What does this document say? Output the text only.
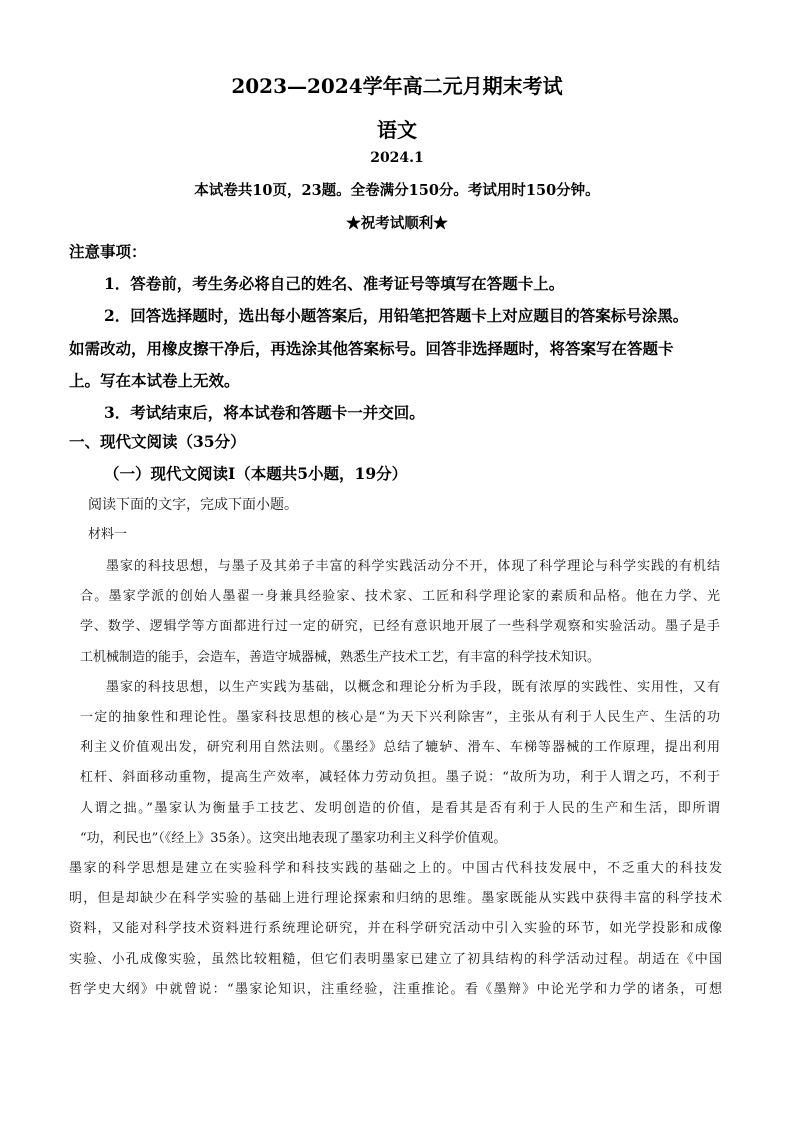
2023—2024学年高二元月期末考试
语文
2024.1
本试卷共10页，23题。全卷满分150分。考试用时150分钟。
★祝考试顺利★
注意事项：
1．答卷前，考生务必将自己的姓名、准考证号等填写在答题卡上。
2．回答选择题时，选出每小题答案后，用铅笔把答题卡上对应题目的答案标号涂黑。
如需改动，用橡皮擦干净后，再选涂其他答案标号。回答非选择题时，将答案写在答题卡
上。写在本试卷上无效。
3．考试结束后，将本试卷和答题卡一并交回。
一、现代文阅读（35分）
（一）现代文阅读Ⅰ（本题共5小题，19分）
阅读下面的文字，完成下面小题。
材料一
墨家的科技思想，与墨子及其弟子丰富的科学实践活动分不开，体现了科学理论与科学实践的有机结
合。墨家学派的创始人墨翟一身兼具经验家、技术家、工匠和科学理论家的素质和品格。他在力学、光
学、数学、逻辑学等方面都进行过一定的研究，已经有意识地开展了一些科学观察和实验活动。墨子是手
工机械制造的能手，会造车，善造守城器械，熟悉生产技术工艺，有丰富的科学技术知识。
墨家的科技思想，以生产实践为基础，以概念和理论分析为手段，既有浓厚的实践性、实用性，又有
一定的抽象性和理论性。墨家科技思想的核心是“为天下兴利除害”，主张从有利于人民生产、生活的功
利主义价值观出发，研究利用自然法则。《墨经》总结了辘轳、滑车、车梯等器械的工作原理，提出利用
杠杆、斜面移动重物，提高生产效率，减轻体力劳动负担。墨子说：“故所为功，利于人谓之巧，不利于
人谓之拙。”墨家认为衡量手工技艺、发明创造的价值，是看其是否有利于人民的生产和生活，即所谓
“功，利民也”（《经上》35条）。这突出地表现了墨家功利主义科学价值观。
墨家的科学思想是建立在实验科学和科技实践的基础之上的。中国古代科技发展中，不乏重大的科技发
明，但是却缺少在科学实验的基础上进行理论探索和归纳的思维。墨家既能从实践中获得丰富的科学技术
资料，又能对科学技术资料进行系统理论研究，并在科学研究活动中引入实验的环节，如光学投影和成像
实验、小孔成像实验，虽然比较粗糙，但它们表明墨家已建立了初具结构的科学活动过程。胡适在《中国
哲学史大纲》中就曾说：“墨家论知识，注重经验，注重推论。看《墨辩》中论光学和力学的诸条，可想
